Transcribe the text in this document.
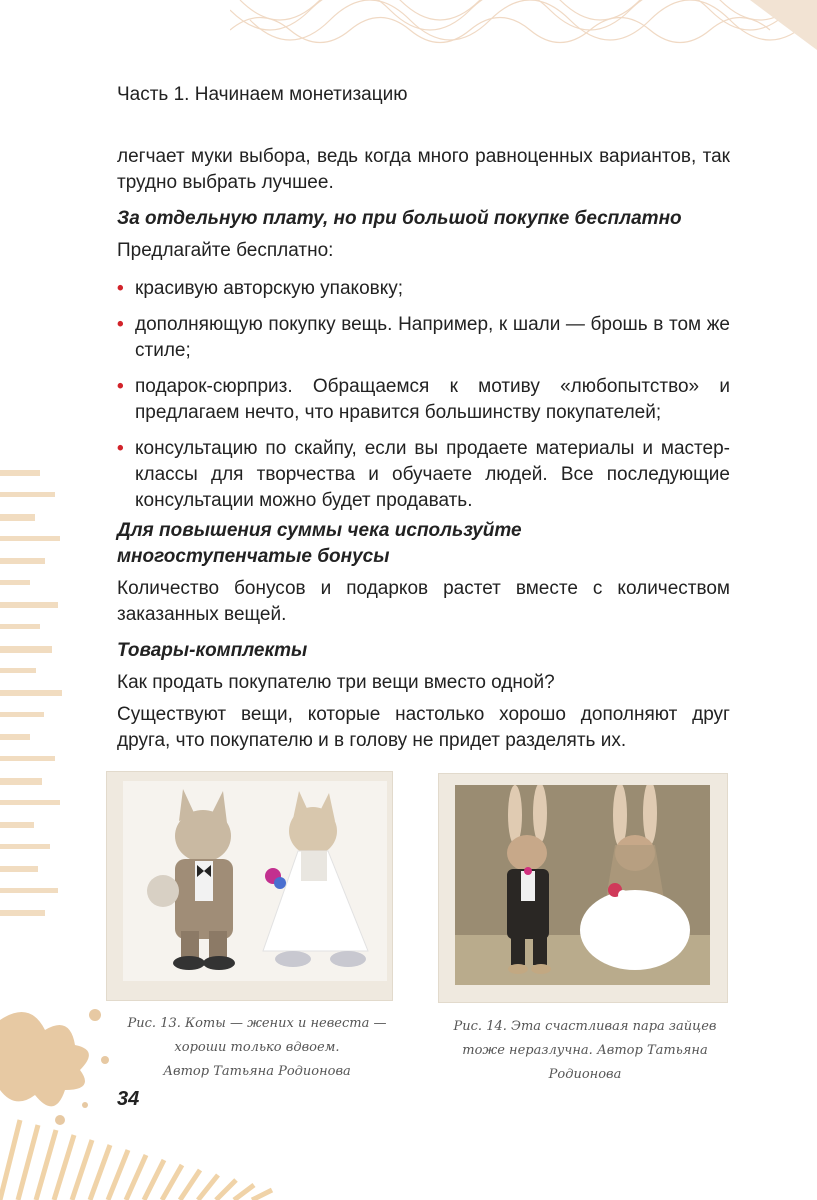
Часть 1. Начинаем монетизацию

легчает муки выбора, ведь когда много равноценных вариантов, так трудно выбрать лучшее.

За отдельную плату, но при большой покупке бесплатно

Предлагайте бесплатно:

• красивую авторскую упаковку;
• дополняющую покупку вещь. Например, к шали — брошь в том же стиле;
• подарок-сюрприз. Обращаемся к мотиву «любопытство» и предлагаем нечто, что нравится большинству покупателей;
• консультацию по скайпу, если вы продаете материалы и мастер-классы для творчества и обучаете людей. Все последующие консультации можно будет продавать.

Для повышения суммы чека используйте
многоступенчатые бонусы

Количество бонусов и подарков растет вместе с количеством заказанных вещей.

Товары-комплекты

Как продать покупателю три вещи вместо одной?

Существуют вещи, которые настолько хорошо дополняют друг друга, что покупателю и в голову не придет разделять их.

Рис. 13. Коты — жених и невеста —
хороши только вдвоем.
Автор Татьяна Родионова
Рис. 14. Эта счастливая пара зайцев
тоже неразлучна. Автор Татьяна
Родионова
34
